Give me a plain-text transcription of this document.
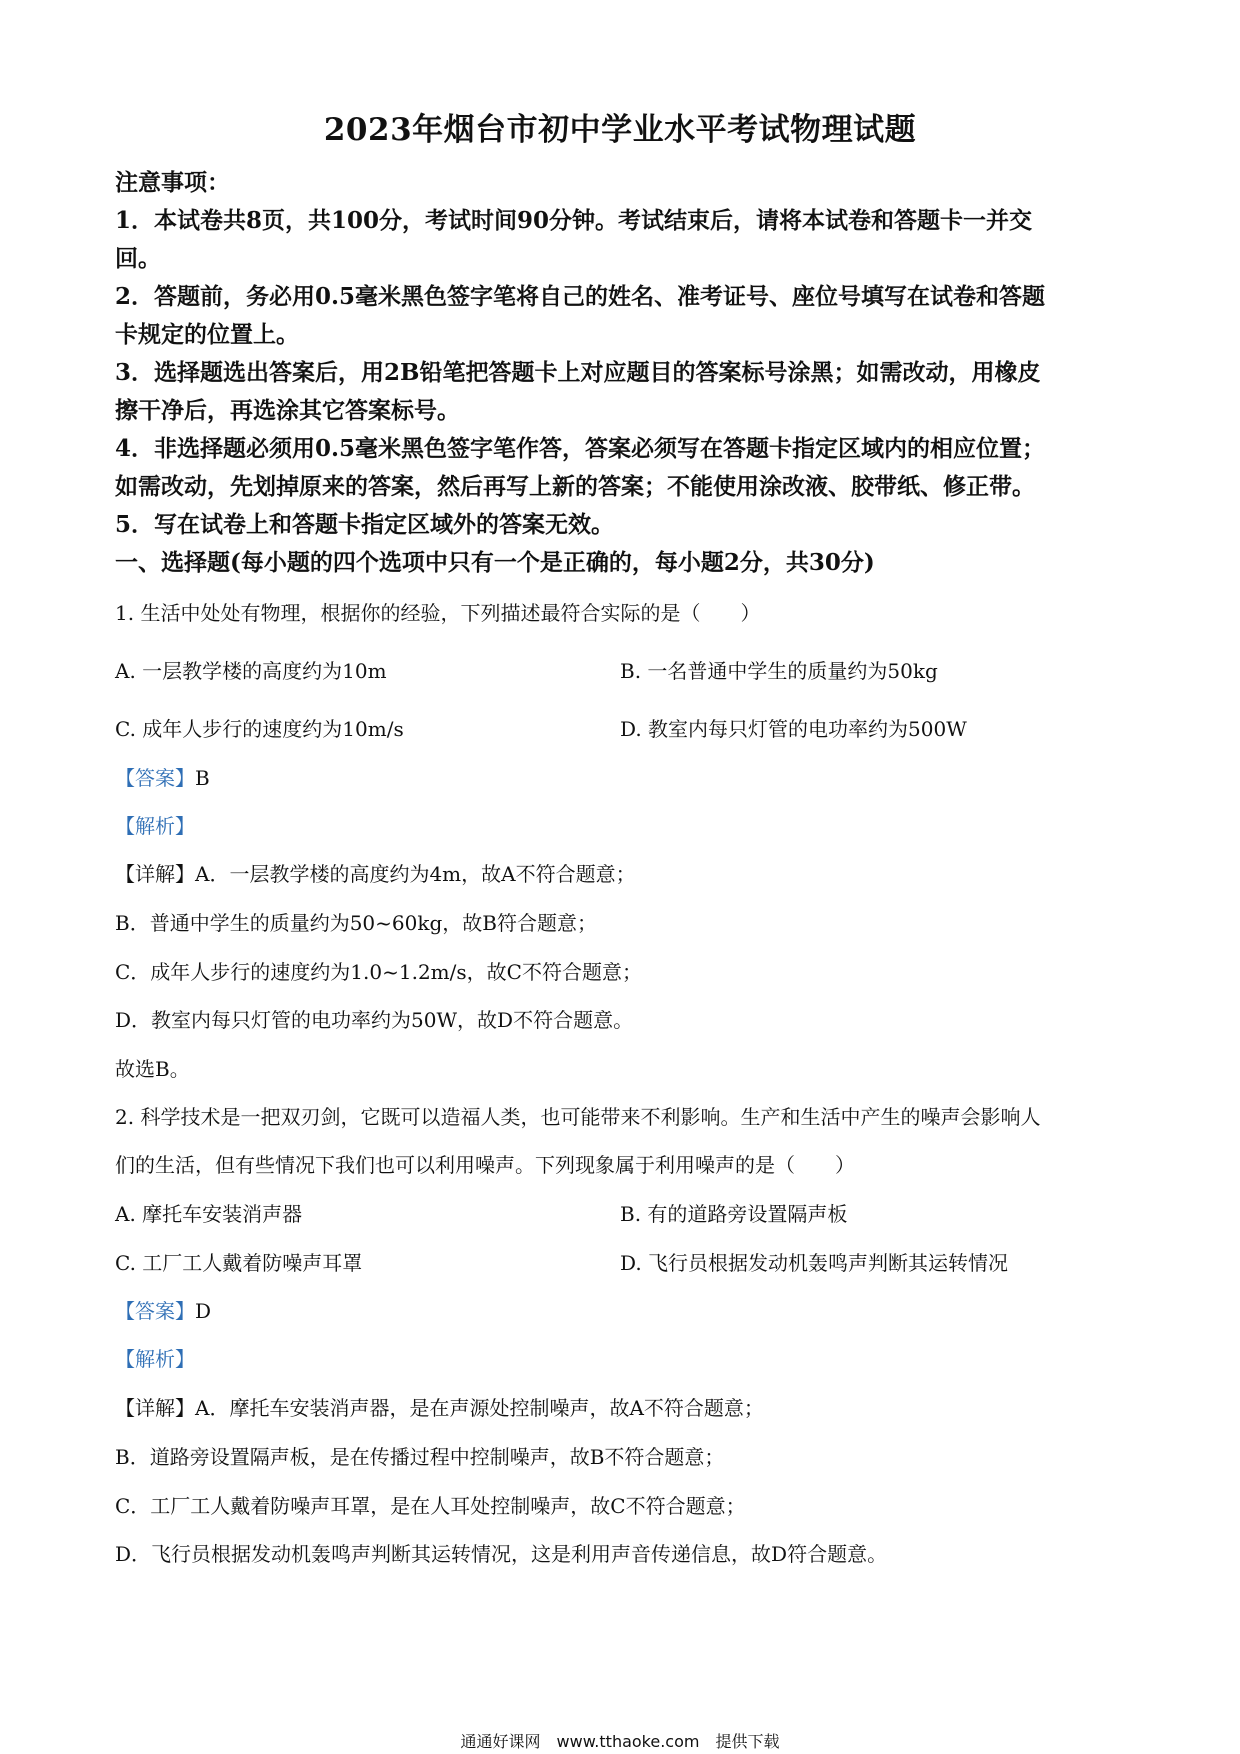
2023年烟台市初中学业水平考试物理试题
注意事项：
1．本试卷共8页，共100分，考试时间90分钟。考试结束后，请将本试卷和答题卡一并交
回。
2．答题前，务必用0.5毫米黑色签字笔将自己的姓名、准考证号、座位号填写在试卷和答题
卡规定的位置上。
3．选择题选出答案后，用2B铅笔把答题卡上对应题目的答案标号涂黑；如需改动，用橡皮
擦干净后，再选涂其它答案标号。
4．非选择题必须用0.5毫米黑色签字笔作答，答案必须写在答题卡指定区域内的相应位置；
如需改动，先划掉原来的答案，然后再写上新的答案；不能使用涂改液、胶带纸、修正带。
5．写在试卷上和答题卡指定区域外的答案无效。
一、选择题(每小题的四个选项中只有一个是正确的，每小题2分，共30分)
1. 生活中处处有物理，根据你的经验，下列描述最符合实际的是（　　）
A. 一层教学楼的高度约为10m	B. 一名普通中学生的质量约为50kg
C. 成年人步行的速度约为10m/s	D. 教室内每只灯管的电功率约为500W
【答案】B
【解析】
【详解】A．一层教学楼的高度约为4m，故A不符合题意；
B．普通中学生的质量约为50~60kg，故B符合题意；
C．成年人步行的速度约为1.0~1.2m/s，故C不符合题意；
D．教室内每只灯管的电功率约为50W，故D不符合题意。
故选B。
2. 科学技术是一把双刃剑，它既可以造福人类，也可能带来不利影响。生产和生活中产生的噪声会影响人
们的生活，但有些情况下我们也可以利用噪声。下列现象属于利用噪声的是（　　）
A. 摩托车安装消声器	B. 有的道路旁设置隔声板
C. 工厂工人戴着防噪声耳罩	D. 飞行员根据发动机轰鸣声判断其运转情况
【答案】D
【解析】
【详解】A．摩托车安装消声器，是在声源处控制噪声，故A不符合题意；
B．道路旁设置隔声板，是在传播过程中控制噪声，故B不符合题意；
C．工厂工人戴着防噪声耳罩，是在人耳处控制噪声，故C不符合题意；
D．飞行员根据发动机轰鸣声判断其运转情况，这是利用声音传递信息，故D符合题意。
通通好课网　www.tthaoke.com　提供下载
